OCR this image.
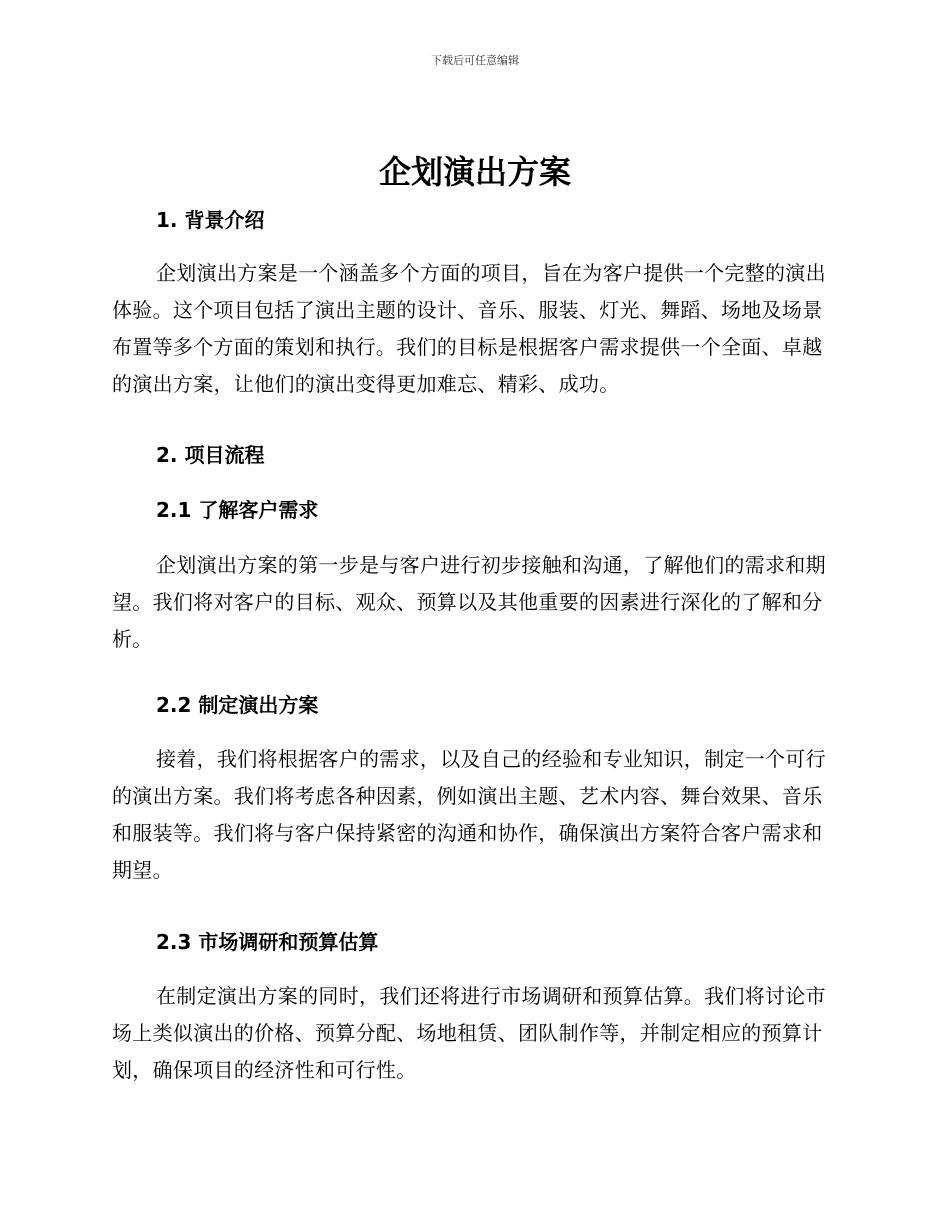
下载后可任意编辑
企划演出方案
1. 背景介绍

企划演出方案是一个涵盖多个方面的项目，旨在为客户提供一个完整的演出体验。这个项目包括了演出主题的设计、音乐、服装、灯光、舞蹈、场地及场景布置等多个方面的策划和执行。我们的目标是根据客户需求提供一个全面、卓越的演出方案，让他们的演出变得更加难忘、精彩、成功。

2. 项目流程
2.1 了解客户需求

企划演出方案的第一步是与客户进行初步接触和沟通，了解他们的需求和期望。我们将对客户的目标、观众、预算以及其他重要的因素进行深化的了解和分析。

2.2 制定演出方案

接着，我们将根据客户的需求，以及自己的经验和专业知识，制定一个可行的演出方案。我们将考虑各种因素，例如演出主题、艺术内容、舞台效果、音乐和服装等。我们将与客户保持紧密的沟通和协作，确保演出方案符合客户需求和期望。

2.3 市场调研和预算估算

在制定演出方案的同时，我们还将进行市场调研和预算估算。我们将讨论市场上类似演出的价格、预算分配、场地租赁、团队制作等，并制定相应的预算计划，确保项目的经济性和可行性。
